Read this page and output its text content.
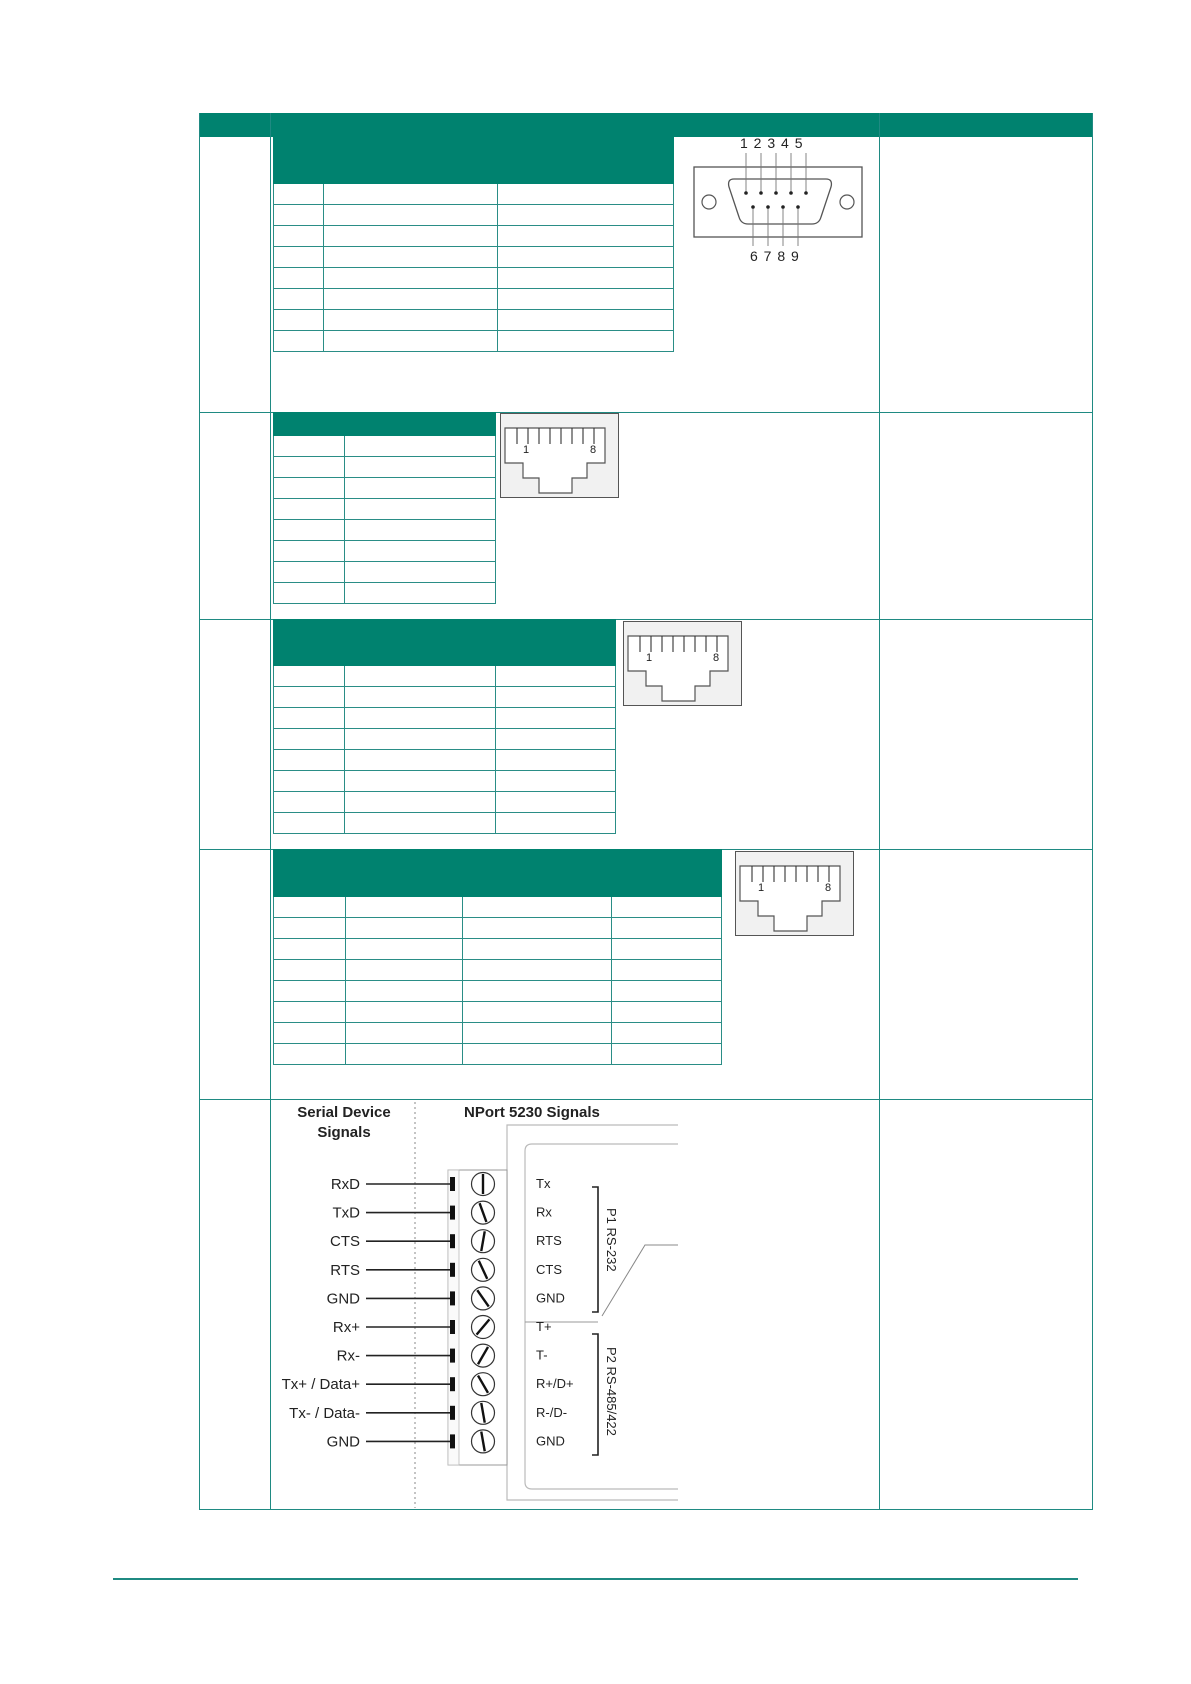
1 2 3 4 5
6 7 8 9

1	8

1	8

1	8
Serial Device
Signals
NPort 5230 Signals
RxD	Tx
TxD	Rx
CTS	RTS
RTS	CTS
GND	GND
Rx+	T+
Rx-	T-
Tx+ / Data+	R+/D+
Tx- / Data-	R-/D-
GND	GND
P1 RS-232
P2 RS-485/422
